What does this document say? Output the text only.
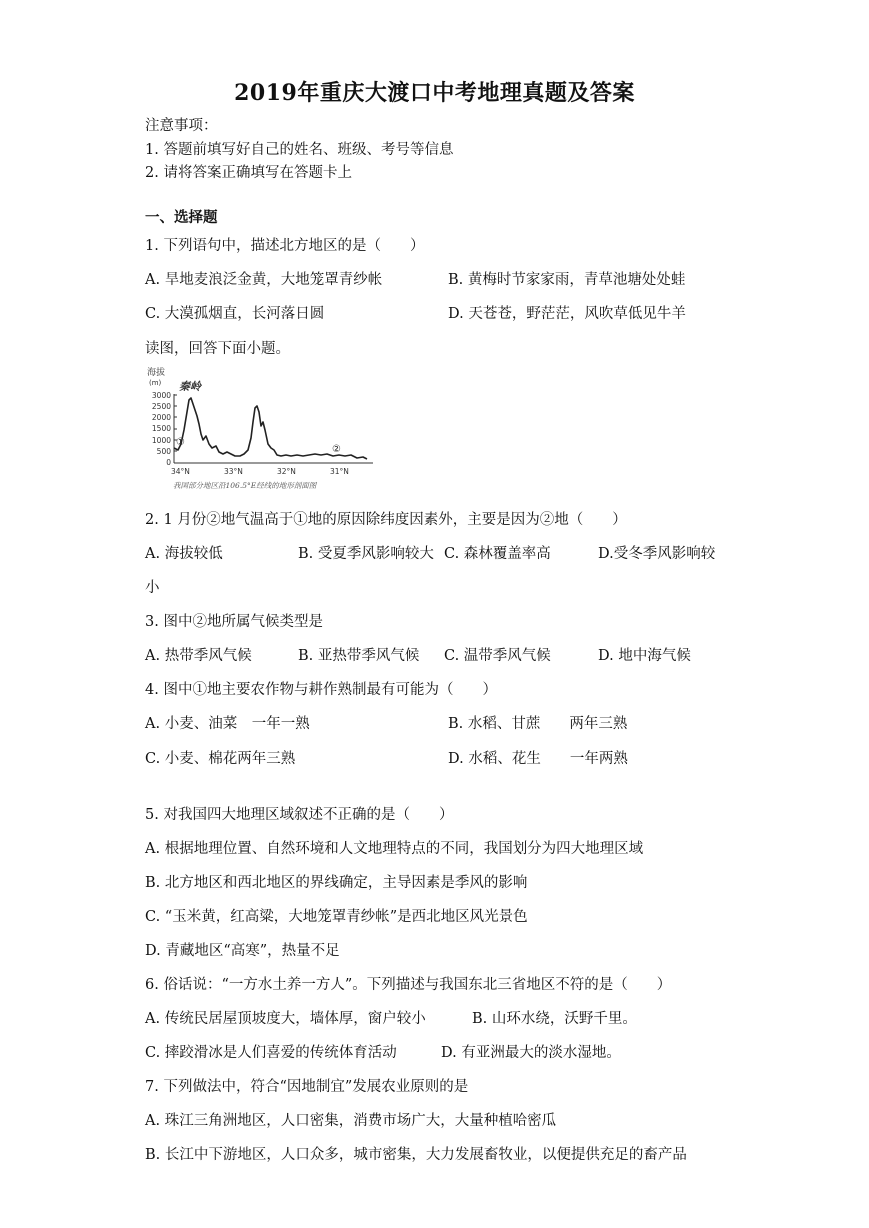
2019年重庆大渡口中考地理真题及答案
注意事项：
1. 答题前填写好自己的姓名、班级、考号等信息
2. 请将答案正确填写在答题卡上
一、选择题
1. 下列语句中，描述北方地区的是（　　）
A. 旱地麦浪泛金黄，大地笼罩青纱帐	B. 黄梅时节家家雨，青草池塘处处蛙
C. 大漠孤烟直，长河落日圆	D. 天苍苍，野茫茫，风吹草低见牛羊
读图，回答下面小题。
海拔
(m) 秦岭
3000
2500
2000
1500
1000
500
0
①
②
34°N	33°N	32°N	31°N
我国部分地区沿106.5°E经线的地形剖面图
2. 1 月份②地气温高于①地的原因除纬度因素外，主要是因为②地（　　）
A. 海拔较低	B. 受夏季风影响较大 C. 森林覆盖率高	D.受冬季风影响较
小
3. 图中②地所属气候类型是
A. 热带季风气候	B. 亚热带季风气候 C. 温带季风气候	D. 地中海气候
4. 图中①地主要农作物与耕作熟制最有可能为（　　）
A. 小麦、油菜　一年一熟	B. 水稻、甘蔗　　两年三熟
C. 小麦、棉花两年三熟	D. 水稻、花生　　一年两熟
5. 对我国四大地理区域叙述不正确的是（　　）
A. 根据地理位置、自然环境和人文地理特点的不同，我国划分为四大地理区域
B. 北方地区和西北地区的界线确定，主导因素是季风的影响
C. “玉米黄，红高粱，大地笼罩青纱帐”是西北地区风光景色
D. 青藏地区“高寒”，热量不足
6. 俗话说：“一方水土养一方人”。下列描述与我国东北三省地区不符的是（　　）
A. 传统民居屋顶坡度大，墙体厚，窗户较小	B. 山环水绕，沃野千里。
C. 摔跤滑冰是人们喜爱的传统体育活动	D. 有亚洲最大的淡水湿地。
7. 下列做法中，符合“因地制宜”发展农业原则的是
A. 珠江三角洲地区，人口密集，消费市场广大，大量种植哈密瓜
B. 长江中下游地区，人口众多，城市密集，大力发展畜牧业，以便提供充足的畜产品
